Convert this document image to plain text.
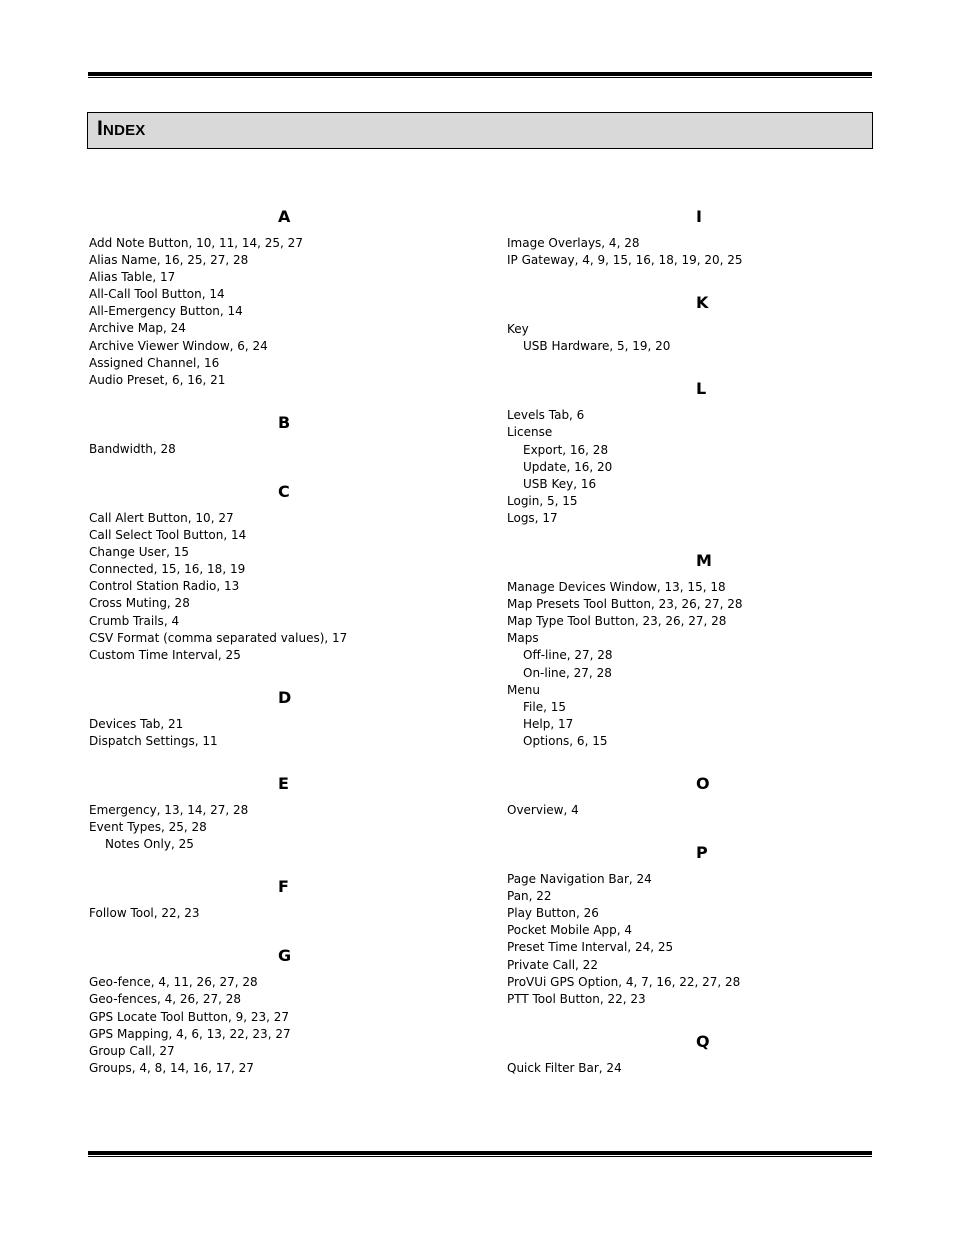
Index
A
Add Note Button, 10, 11, 14, 25, 27
Alias Name, 16, 25, 27, 28
Alias Table, 17
All-Call Tool Button, 14
All-Emergency Button, 14
Archive Map, 24
Archive Viewer Window, 6, 24
Assigned Channel, 16
Audio Preset, 6, 16, 21
B
Bandwidth, 28
C
Call Alert Button, 10, 27
Call Select Tool Button, 14
Change User, 15
Connected, 15, 16, 18, 19
Control Station Radio, 13
Cross Muting, 28
Crumb Trails, 4
CSV Format (comma separated values), 17
Custom Time Interval, 25
D
Devices Tab, 21
Dispatch Settings, 11
E
Emergency, 13, 14, 27, 28
Event Types, 25, 28
Notes Only, 25
F
Follow Tool, 22, 23
G
Geo-fence, 4, 11, 26, 27, 28
Geo-fences, 4, 26, 27, 28
GPS Locate Tool Button, 9, 23, 27
GPS Mapping, 4, 6, 13, 22, 23, 27
Group Call, 27
Groups, 4, 8, 14, 16, 17, 27
I
Image Overlays, 4, 28
IP Gateway, 4, 9, 15, 16, 18, 19, 20, 25
K
Key
USB Hardware, 5, 19, 20
L
Levels Tab, 6
License
Export, 16, 28
Update, 16, 20
USB Key, 16
Login, 5, 15
Logs, 17
M
Manage Devices Window, 13, 15, 18
Map Presets Tool Button, 23, 26, 27, 28
Map Type Tool Button, 23, 26, 27, 28
Maps
Off-line, 27, 28
On-line, 27, 28
Menu
File, 15
Help, 17
Options, 6, 15
O
Overview, 4
P
Page Navigation Bar, 24
Pan, 22
Play Button, 26
Pocket Mobile App, 4
Preset Time Interval, 24, 25
Private Call, 22
ProVUi GPS Option, 4, 7, 16, 22, 27, 28
PTT Tool Button, 22, 23
Q
Quick Filter Bar, 24
